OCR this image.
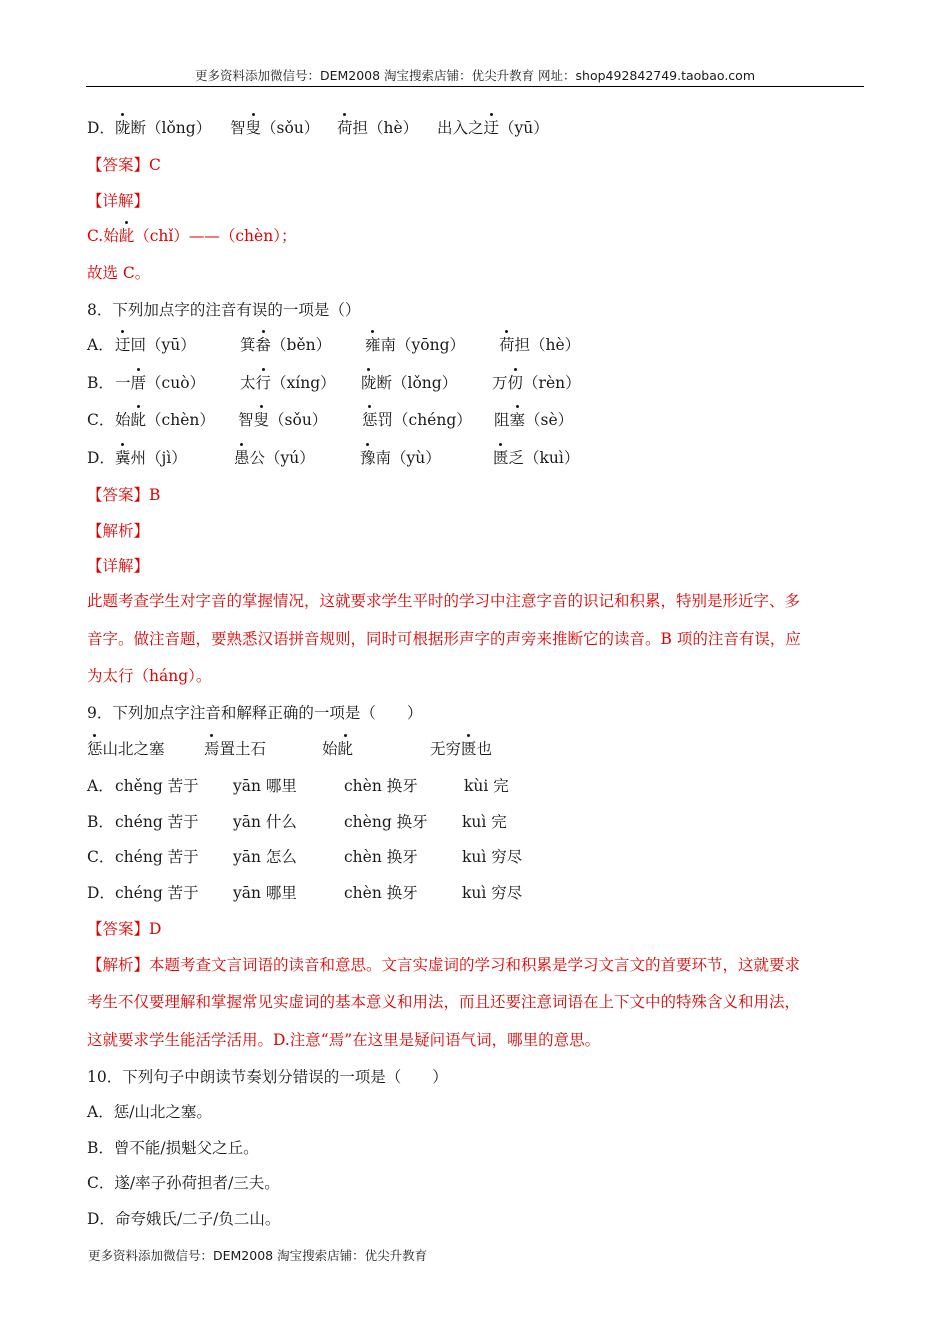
更多资料添加微信号：DEM2008 淘宝搜索店铺：优尖升教育 网址：shop492842749.taobao.com
D． 陇断（lǒng） 智叟（sǒu） 荷担（hè） 出入之迂（yū）
【答案】C
【详解】
C.始龀（chǐ）——（chèn）；
故选 C。
8．下列加点字的注音有误的一项是（）
A． 迂回（yū）	箕畚（běn） 雍南（yōng） 荷担（hè）
B． 一厝（cuò） 太行（xíng） 陇断（lǒng） 万仞（rèn）
C． 始龀（chèn） 智叟（sǒu） 惩罚（chéng） 阻塞（sè）
D． 冀州（jì）	愚公（yú）	豫南（yù）	匮乏（kuì）
【答案】B
【解析】
【详解】
此题考查学生对字音的掌握情况，这就要求学生平时的学习中注意字音的识记和积累，特别是形近字、多
音字。做注音题，要熟悉汉语拼音规则，同时可根据形声字的声旁来推断它的读音。B 项的注音有误，应
为太行（háng）。
9．下列加点字注音和解释正确的一项是（　　）
惩山北之塞	焉置土石	始龀	无穷匮也
A． chěng 苦于 yān 哪里	chèn 换牙	kùi 完
B． chéng 苦于 yān 什么	chèng 换牙 kuì 完
C． chéng 苦于 yān 怎么	chèn 换牙	kuì 穷尽
D． chéng 苦于 yān 哪里	chèn 换牙	kuì 穷尽
【答案】D
【解析】本题考查文言词语的读音和意思。文言实虚词的学习和积累是学习文言文的首要环节，这就要求
考生不仅要理解和掌握常见实虚词的基本意义和用法，而且还要注意词语在上下文中的特殊含义和用法，
这就要求学生能活学活用。D.注意“焉”在这里是疑问语气词，哪里的意思。
10．下列句子中朗读节奏划分错误的一项是（　　）
A．惩/山北之塞。
B．曾不能/损魁父之丘。
C．遂/率子孙荷担者/三夫。
D．命夸娥氏/二子/负二山。
更多资料添加微信号：DEM2008 淘宝搜索店铺：优尖升教育
